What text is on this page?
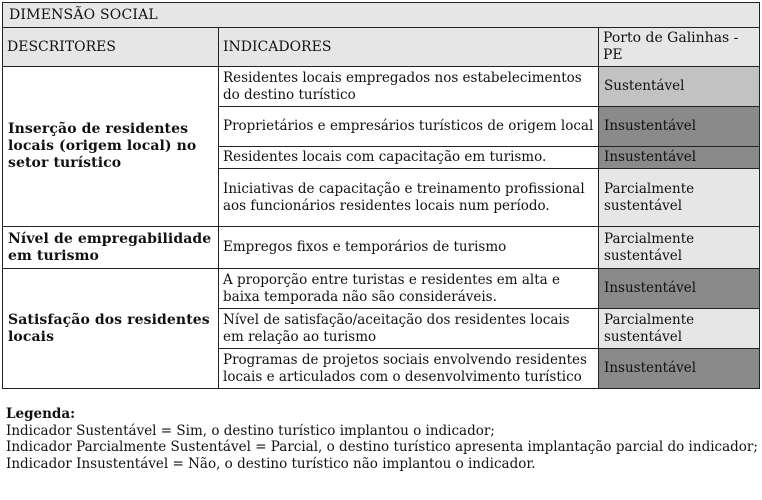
DIMENSÃO SOCIAL		
DESCRITORES	INDICADORES	Porto de Galinhas - PE
Inserção de residentes locais (origem local) no setor turístico	Residentes locais empregados nos estabelecimentos do destino turístico	Sustentável
	Proprietários e empresários turísticos de origem local	Insustentável
	Residentes locais com capacitação em turismo.	Insustentável
	Iniciativas de capacitação e treinamento profissional aos funcionários residentes locais num período.	Parcialmente sustentável
Nível de empregabilidade em turismo	Empregos fixos e temporários de turismo	Parcialmente sustentável
Satisfação dos residentes locais	A proporção entre turistas e residentes em alta e baixa temporada não são consideráveis.	Insustentável
	Nível de satisfação/aceitação dos residentes locais em relação ao turismo	Parcialmente sustentável
	Programas de projetos sociais envolvendo residentes locais e articulados com o desenvolvimento turístico	Insustentável
Legenda:
Indicador Sustentável = Sim, o destino turístico implantou o indicador;
Indicador Parcialmente Sustentável = Parcial, o destino turístico apresenta implantação parcial do indicador;
Indicador Insustentável = Não, o destino turístico não implantou o indicador.
